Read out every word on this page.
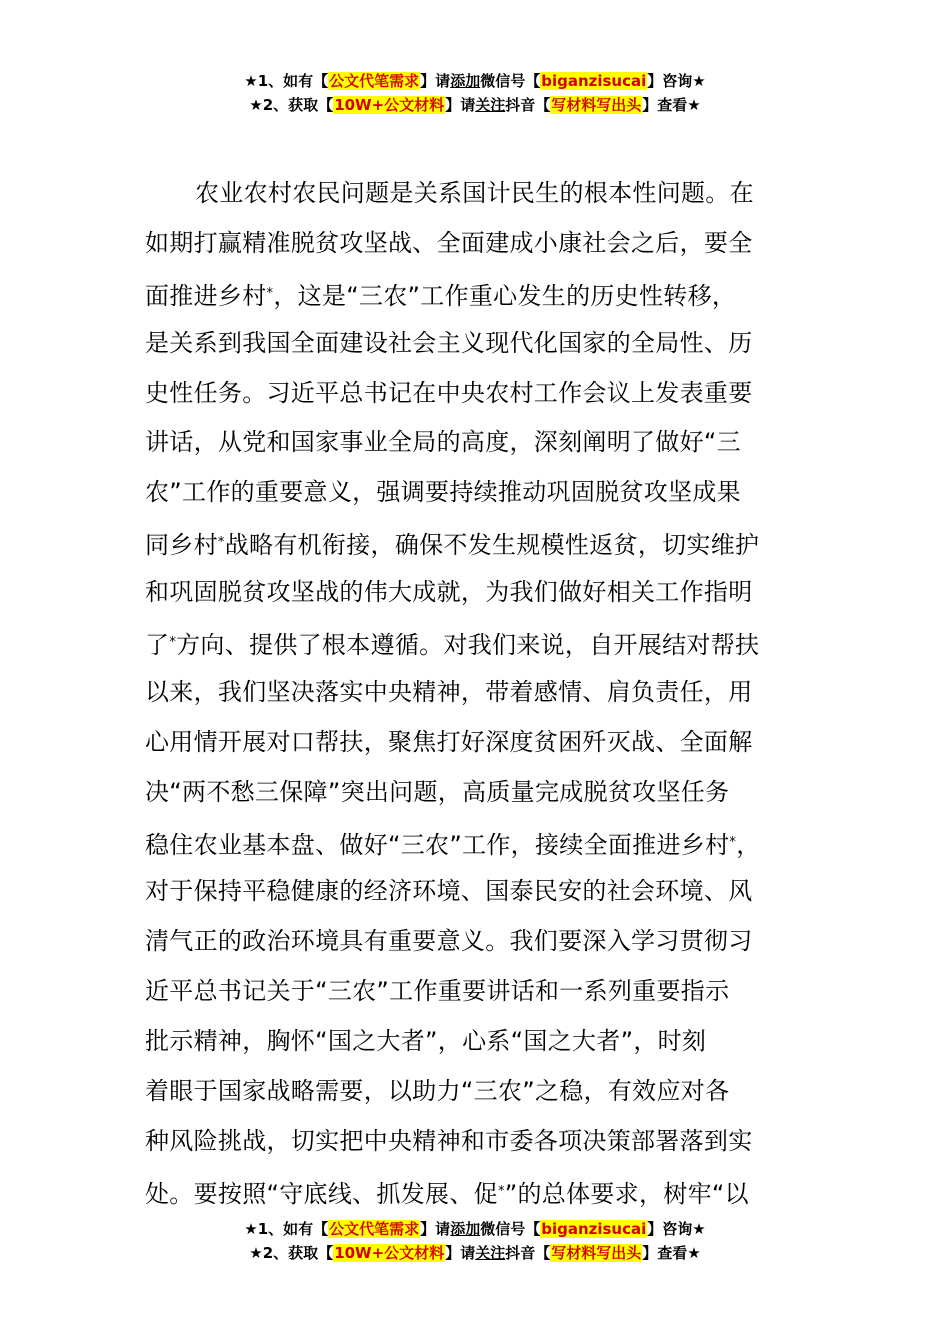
★1、如有【公文代笔需求】请添加微信号【biganzisucai】咨询★
★2、获取【10W+公文材料】请关注抖音【写材料写出头】查看★
农业农村农民问题是关系国计民生的根本性问题。在
如期打赢精准脱贫攻坚战、全面建成小康社会之后，要全
面推进乡村*，这是“三农”工作重心发生的历史性转移，
是关系到我国全面建设社会主义现代化国家的全局性、历
史性任务。习近平总书记在中央农村工作会议上发表重要
讲话，从党和国家事业全局的高度，深刻阐明了做好“三
农”工作的重要意义，强调要持续推动巩固脱贫攻坚成果
同乡村*战略有机衔接，确保不发生规模性返贫，切实维护
和巩固脱贫攻坚战的伟大成就，为我们做好相关工作指明
了*方向、提供了根本遵循。对我们来说，自开展结对帮扶
以来，我们坚决落实中央精神，带着感情、肩负责任，用
心用情开展对口帮扶，聚焦打好深度贫困歼灭战、全面解
决“两不愁三保障”突出问题，高质量完成脱贫攻坚任务
稳住农业基本盘、做好“三农”工作，接续全面推进乡村*，
对于保持平稳健康的经济环境、国泰民安的社会环境、风
清气正的政治环境具有重要意义。我们要深入学习贯彻习
近平总书记关于“三农”工作重要讲话和一系列重要指示
批示精神，胸怀“国之大者”，心系“国之大者”，时刻
着眼于国家战略需要，以助力“三农”之稳，有效应对各
种风险挑战，切实把中央精神和市委各项决策部署落到实
处。要按照“守底线、抓发展、促*”的总体要求，树牢“以
★1、如有【公文代笔需求】请添加微信号【biganzisucai】咨询★
★2、获取【10W+公文材料】请关注抖音【写材料写出头】查看★
